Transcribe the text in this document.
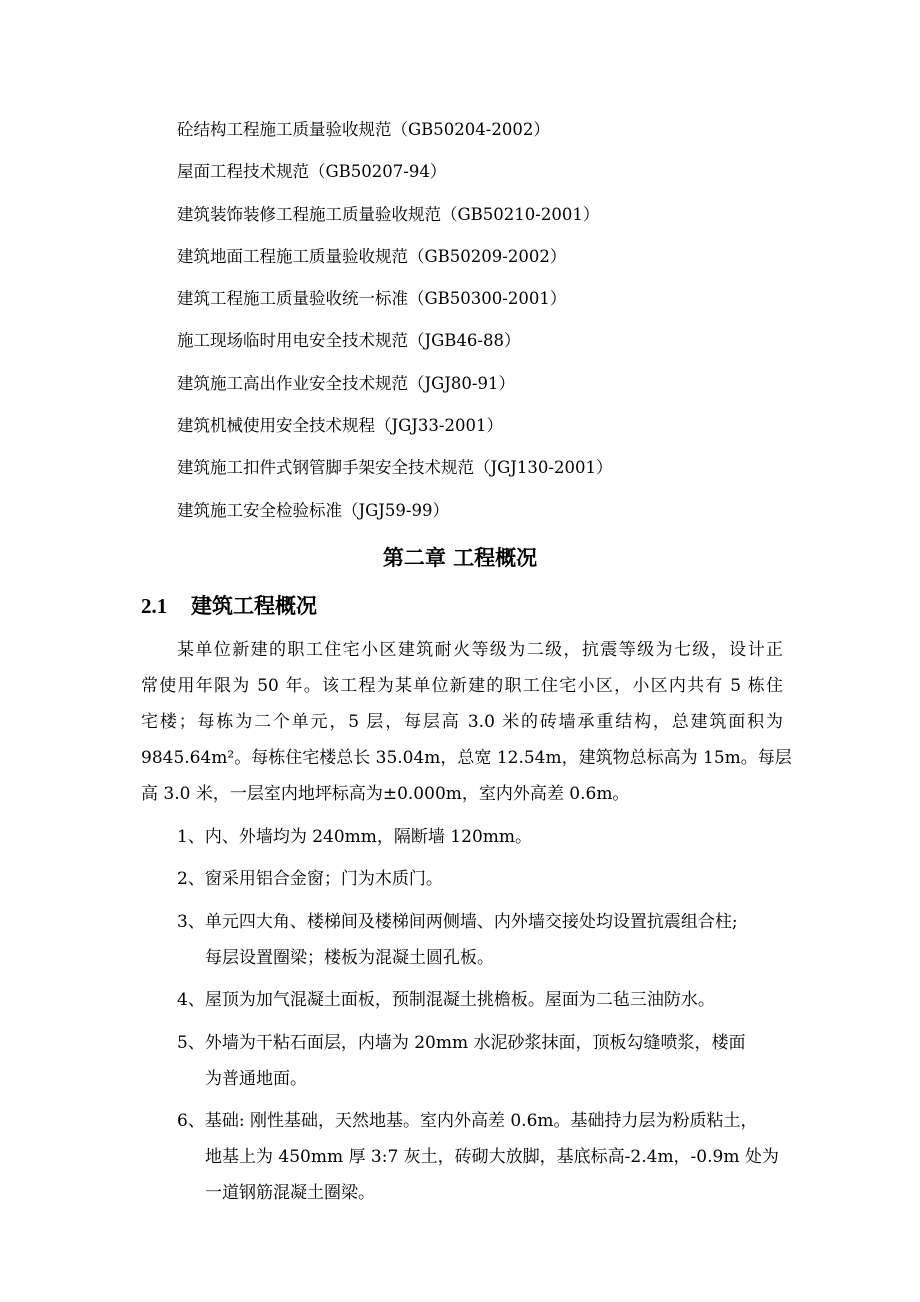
砼结构工程施工质量验收规范（GB50204-2002）
屋面工程技术规范（GB50207-94）
建筑装饰装修工程施工质量验收规范（GB50210-2001）
建筑地面工程施工质量验收规范（GB50209-2002）
建筑工程施工质量验收统一标准（GB50300-2001）
施工现场临时用电安全技术规范（JGB46-88）
建筑施工高出作业安全技术规范（JGJ80-91）
建筑机械使用安全技术规程（JGJ33-2001）
建筑施工扣件式钢管脚手架安全技术规范（JGJ130-2001）
建筑施工安全检验标准（JGJ59-99）
第二章 工程概况
2.1 建筑工程概况
某单位新建的职工住宅小区建筑耐火等级为二级，抗震等级为七级，设计正
常使用年限为 50 年。该工程为某单位新建的职工住宅小区，小区内共有 5 栋住
宅楼；每栋为二个单元，5 层，每层高 3.0 米的砖墙承重结构，总建筑面积为
9845.64m²。每栋住宅楼总长 35.04m，总宽 12.54m，建筑物总标高为 15m。每层
高 3.0 米，一层室内地坪标高为±0.000m，室内外高差 0.6m。
1、内、外墙均为 240mm，隔断墙 120mm。
2、窗采用铝合金窗；门为木质门。
3、单元四大角、楼梯间及楼梯间两侧墙、内外墙交接处均设置抗震组合柱;
每层设置圈梁；楼板为混凝土圆孔板。
4、屋顶为加气混凝土面板，预制混凝土挑檐板。屋面为二毡三油防水。
5、外墙为干粘石面层，内墙为 20mm 水泥砂浆抹面，顶板勾缝喷浆，楼面
为普通地面。
6、基础: 刚性基础，天然地基。室内外高差 0.6m。基础持力层为粉质粘土，
地基上为 450mm 厚 3:7 灰土，砖砌大放脚，基底标高-2.4m，-0.9m 处为
一道钢筋混凝土圈梁。
